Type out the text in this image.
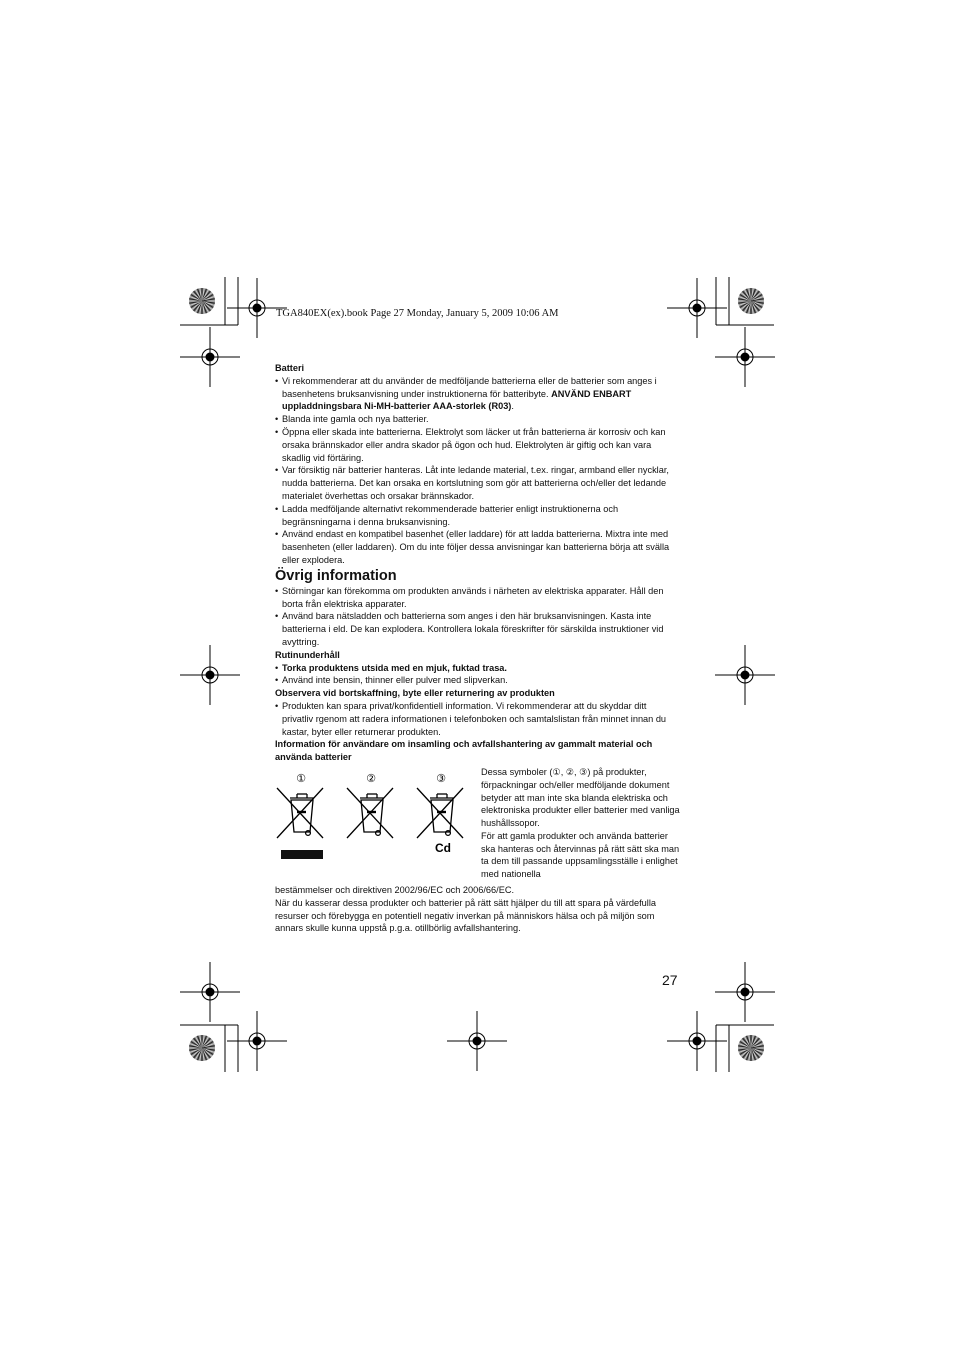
TGA840EX(ex).book Page 27 Monday, January 5, 2009 10:06 AM

Batteri

• Vi rekommenderar att du använder de medföljande batterierna eller de batterier som anges i basenhetens bruksanvisning under instruktionerna för batteribyte. ANVÄND ENBART uppladdningsbara Ni-MH-batterier AAA-storlek (R03).
• Blanda inte gamla och nya batterier.
• Öppna eller skada inte batterierna. Elektrolyt som läcker ut från batterierna är korrosiv och kan orsaka brännskador eller andra skador på ögon och hud. Elektrolyten är giftig och kan vara skadlig vid förtäring.
• Var försiktig när batterier hanteras. Låt inte ledande material, t.ex. ringar, armband eller nycklar, nudda batterierna. Det kan orsaka en kortslutning som gör att batterierna och/eller det ledande materialet överhettas och orsakar brännskador.
• Ladda medföljande alternativt rekommenderade batterier enligt instruktionerna och begränsningarna i denna bruksanvisning.
• Använd endast en kompatibel basenhet (eller laddare) för att ladda batterierna. Mixtra inte med basenheten (eller laddaren). Om du inte följer dessa anvisningar kan batterierna börja att svälla eller explodera.

Övrig information

• Störningar kan förekomma om produkten används i närheten av elektriska apparater. Håll den borta från elektriska apparater.
• Använd bara nätsladden och batterierna som anges i den här bruksanvisningen. Kasta inte batterierna i eld. De kan explodera. Kontrollera lokala föreskrifter för särskilda instruktioner vid avyttring.

Rutinunderhåll

• Torka produktens utsida med en mjuk, fuktad trasa.
• Använd inte bensin, thinner eller pulver med slipverkan.

Observera vid bortskaffning, byte eller returnering av produkten

• Produkten kan spara privat/konfidentiell information. Vi rekommenderar att du skyddar ditt privatliv rgenom att radera informationen i telefonboken och samtalslistan från minnet innan du kastar, byter eller returnerar produkten.

Information för användare om insamling och avfallshantering av gammalt material och använda batterier

①	②	③
Cd

Dessa symboler (①, ②, ③) på produkter, förpackningar och/eller medföljande dokument betyder att man inte ska blanda elektriska och elektroniska produkter eller batterier med vanliga hushållssopor.

För att gamla produkter och använda batterier ska hanteras och återvinnas på rätt sätt ska man ta dem till passande uppsamlingsställe i enlighet med nationella

bestämmelser och direktiven 2002/96/EC och 2006/66/EC.

När du kasserar dessa produkter och batterier på rätt sätt hjälper du till att spara på värdefulla resurser och förebygga en potentiell negativ inverkan på människors hälsa och på miljön som annars skulle kunna uppstå p.g.a. otillbörlig avfallshantering.

27
